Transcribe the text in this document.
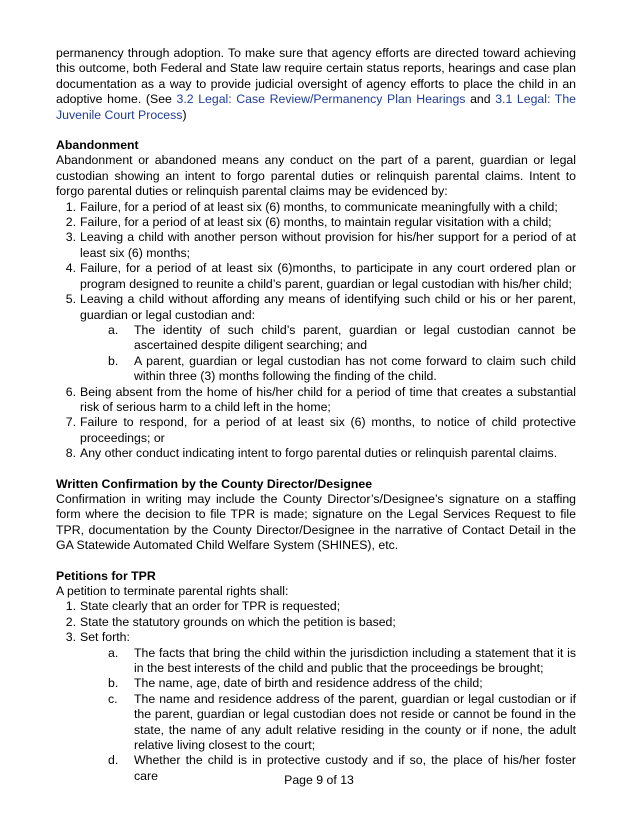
permanency through adoption. To make sure that agency efforts are directed toward achieving this outcome, both Federal and State law require certain status reports, hearings and case plan documentation as a way to provide judicial oversight of agency efforts to place the child in an adoptive home. (See 3.2 Legal: Case Review/Permanency Plan Hearings and 3.1 Legal: The Juvenile Court Process)

Abandonment

Abandonment or abandoned means any conduct on the part of a parent, guardian or legal custodian showing an intent to forgo parental duties or relinquish parental claims. Intent to forgo parental duties or relinquish parental claims may be evidenced by:

1. Failure, for a period of at least six (6) months, to communicate meaningfully with a child;
2. Failure, for a period of at least six (6) months, to maintain regular visitation with a child;
3. Leaving a child with another person without provision for his/her support for a period of at least six (6) months;
4. Failure, for a period of at least six (6)months, to participate in any court ordered plan or program designed to reunite a child’s parent, guardian or legal custodian with his/her child;
5. Leaving a child without affording any means of identifying such child or his or her parent, guardian or legal custodian and:
a.	The identity of such child’s parent, guardian or legal custodian cannot be ascertained despite diligent searching; and
b.	A parent, guardian or legal custodian has not come forward to claim such child within three (3) months following the finding of the child.
6. Being absent from the home of his/her child for a period of time that creates a substantial risk of serious harm to a child left in the home;
7. Failure to respond, for a period of at least six (6) months, to notice of child protective proceedings; or
8. Any other conduct indicating intent to forgo parental duties or relinquish parental claims.
Written Confirmation by the County Director/Designee

Confirmation in writing may include the County Director’s/Designee’s signature on a staffing form where the decision to file TPR is made; signature on the Legal Services Request to file TPR, documentation by the County Director/Designee in the narrative of Contact Detail in the GA Statewide Automated Child Welfare System (SHINES), etc.

Petitions for TPR

A petition to terminate parental rights shall:

1. State clearly that an order for TPR is requested;
2. State the statutory grounds on which the petition is based;
3. Set forth:
a.	The facts that bring the child within the jurisdiction including a statement that it is in the best interests of the child and public that the proceedings be brought;
b.	The name, age, date of birth and residence address of the child;
c.	The name and residence address of the parent, guardian or legal custodian or if the parent, guardian or legal custodian does not reside or cannot be found in the state, the name of any adult relative residing in the county or if none, the adult relative living closest to the court;
d.	Whether the child is in protective custody and if so, the place of his/her foster care	Page 9 of 13
